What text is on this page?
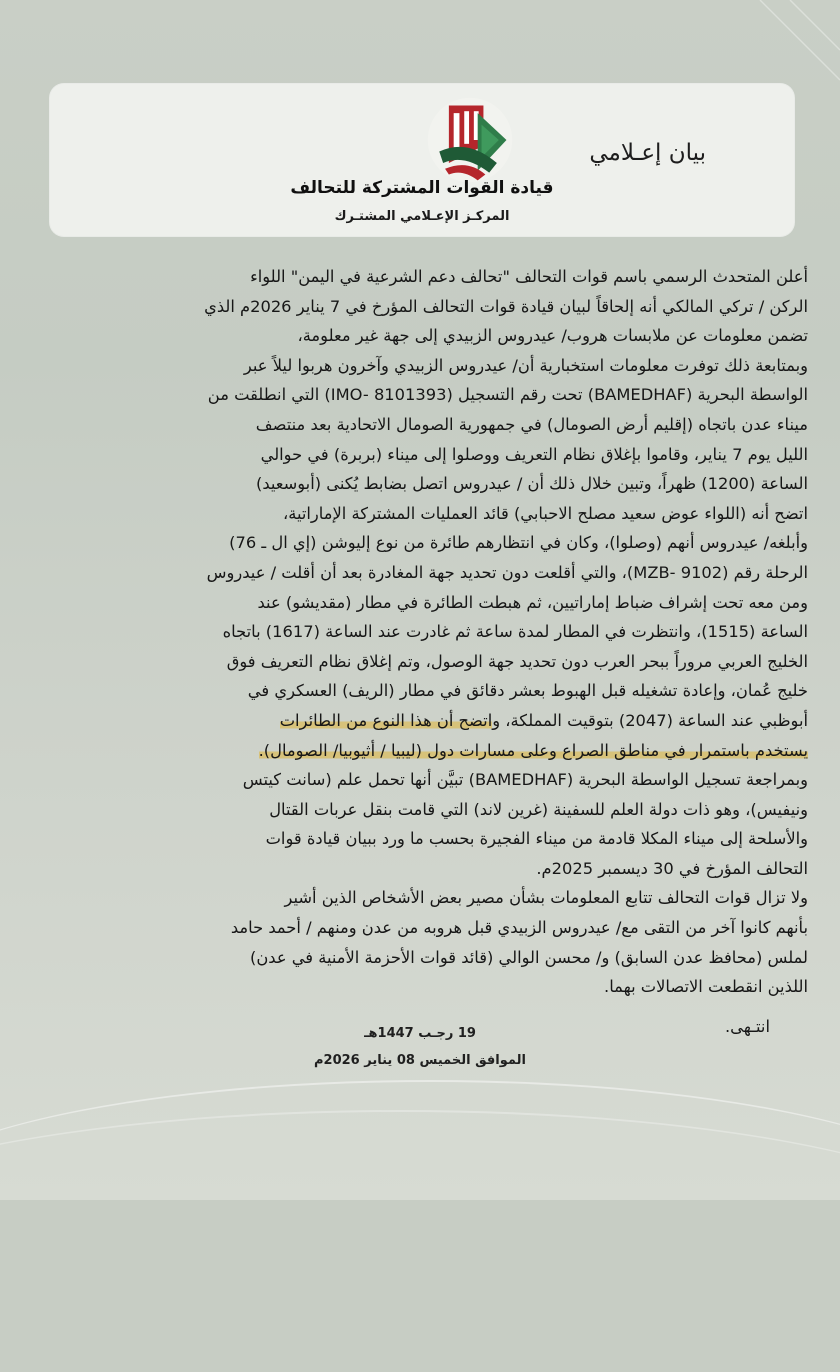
بيان إعـلامي
قيادة القوات المشتركة للتحالف
المركـز الإعـلامي المشتـرك

أعلن المتحدث الرسمي باسم قوات التحالف "تحالف دعم الشرعية في اليمن" اللواء

الركن / تركي المالكي أنه إلحاقاً لبيان قيادة قوات التحالف المؤرخ في 7 يناير 2026م الذي

تضمن معلومات عن ملابسات هروب/ عيدروس الزبيدي إلى جهة غير معلومة،

وبمتابعة ذلك توفرت معلومات استخبارية أن/ عيدروس الزبيدي وآخرون هربوا ليلاً عبر

الواسطة البحرية (BAMEDHAF) تحت رقم التسجيل (IMO- 8101393) التي انطلقت من

ميناء عدن باتجاه (إقليم أرض الصومال) في جمهورية الصومال الاتحادية بعد منتصف

الليل يوم 7 يناير، وقاموا بإغلاق نظام التعريف ووصلوا إلى ميناء (بربرة) في حوالي

الساعة (1200) ظهراً، وتبين خلال ذلك أن / عيدروس اتصل بضابط يُكنى (أبوسعيد)

اتضح أنه (اللواء عوض سعيد مصلح الاحبابي) قائد العمليات المشتركة الإماراتية،

وأبلغه/ عيدروس أنهم (وصلوا)، وكان في انتظارهم طائرة من نوع إليوشن (إي ال ـ 76)

الرحلة رقم (MZB- 9102)، والتي أقلعت دون تحديد جهة المغادرة بعد أن أقلت / عيدروس

ومن معه تحت إشراف ضباط إماراتيين، ثم هبطت الطائرة في مطار (مقديشو) عند

الساعة (1515)، وانتظرت في المطار لمدة ساعة ثم غادرت عند الساعة (1617) باتجاه

الخليج العربي مروراً ببحر العرب دون تحديد جهة الوصول، وتم إغلاق نظام التعريف فوق

خليج عُمان، وإعادة تشغيله قبل الهبوط بعشر دقائق في مطار (الريف) العسكري في

أبوظبي عند الساعة (2047) بتوقيت المملكة، واتضح أن هذا النوع من الطائرات

يستخدم باستمرار في مناطق الصراع وعلى مسارات دول (ليبيا / أثيوبيا/ الصومال).

وبمراجعة تسجيل الواسطة البحرية (BAMEDHAF) تبيَّن أنها تحمل علم (سانت كيتس

ونيفيس)، وهو ذات دولة العلم للسفينة (غرين لاند) التي قامت بنقل عربات القتال

والأسلحة إلى ميناء المكلا قادمة من ميناء الفجيرة بحسب ما ورد ببيان قيادة قوات

التحالف المؤرخ في 30 ديسمبر 2025م.

ولا تزال قوات التحالف تتابع المعلومات بشأن مصير بعض الأشخاص الذين أشير

بأنهم كانوا آخر من التقى مع/ عيدروس الزبيدي قبل هروبه من عدن ومنهم / أحمد حامد

لملس (محافظ عدن السابق) و/ محسن الوالي (قائد قوات الأحزمة الأمنية في عدن)

اللذين انقطعت الاتصالات بهما.

انتـهى.

19 رجـب 1447هـ
الموافق الخميس 08 يناير 2026م
